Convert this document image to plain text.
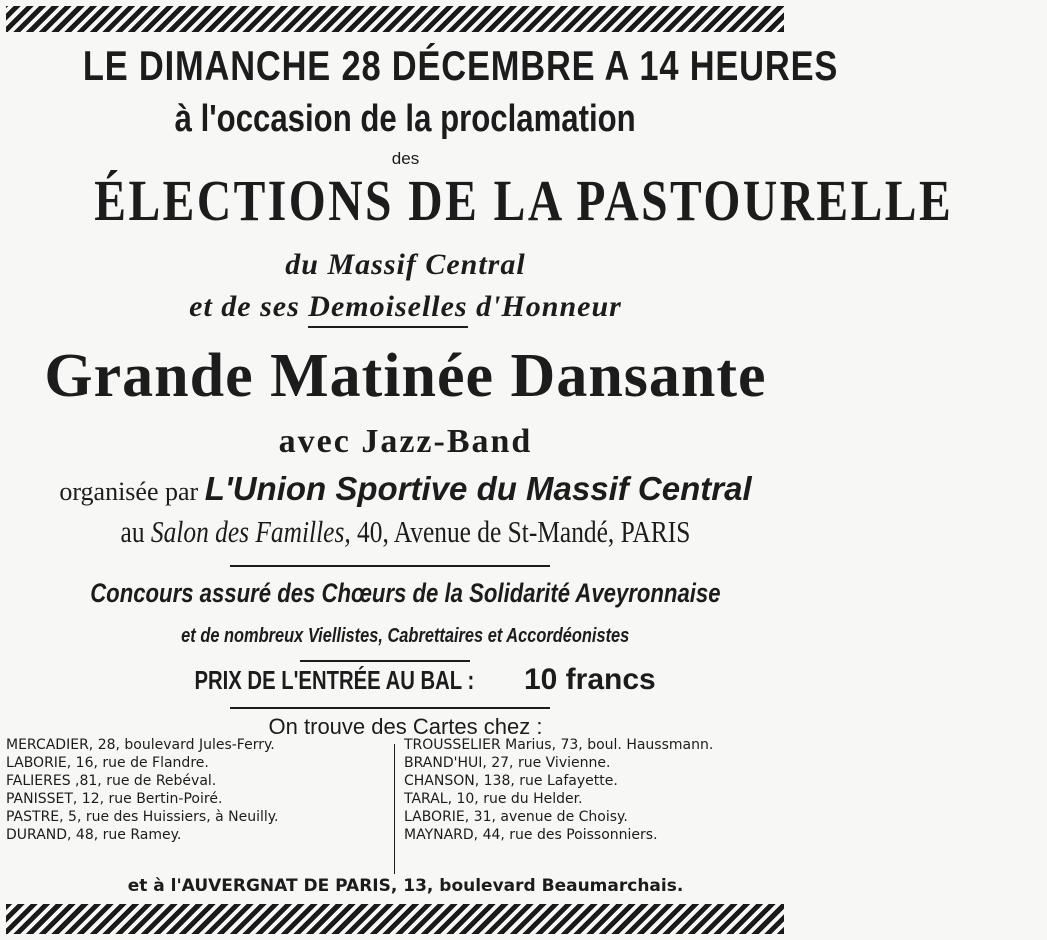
LE DIMANCHE 28 DÉCEMBRE A 14 HEURES
à l'occasion de la proclamation
des
ÉLECTIONS DE LA PASTOURELLE
du Massif Central
et de ses Demoiselles d'Honneur
Grande Matinée Dansante
avec Jazz-Band
organisée par L'Union Sportive du Massif Central
au Salon des Familles, 40, Avenue de St-Mandé, PARIS
Concours assuré des Chœurs de la Solidarité Aveyronnaise
et de nombreux Viellistes, Cabrettaires et Accordéonistes
PRIX DE L'ENTRÉE AU BAL : 10 francs
On trouve des Cartes chez :
MERCADIER, 28, boulevard Jules-Ferry.
LABORIE, 16, rue de Flandre.
FALIERES ,81, rue de Rebéval.
PANISSET, 12, rue Bertin-Poiré.
PASTRE, 5, rue des Huissiers, à Neuilly.
DURAND, 48, rue Ramey.
TROUSSELIER Marius, 73, boul. Haussmann.
BRAND'HUI, 27, rue Vivienne.
CHANSON, 138, rue Lafayette.
TARAL, 10, rue du Helder.
LABORIE, 31, avenue de Choisy.
MAYNARD, 44, rue des Poissonniers.
et à l'AUVERGNAT DE PARIS, 13, boulevard Beaumarchais.
